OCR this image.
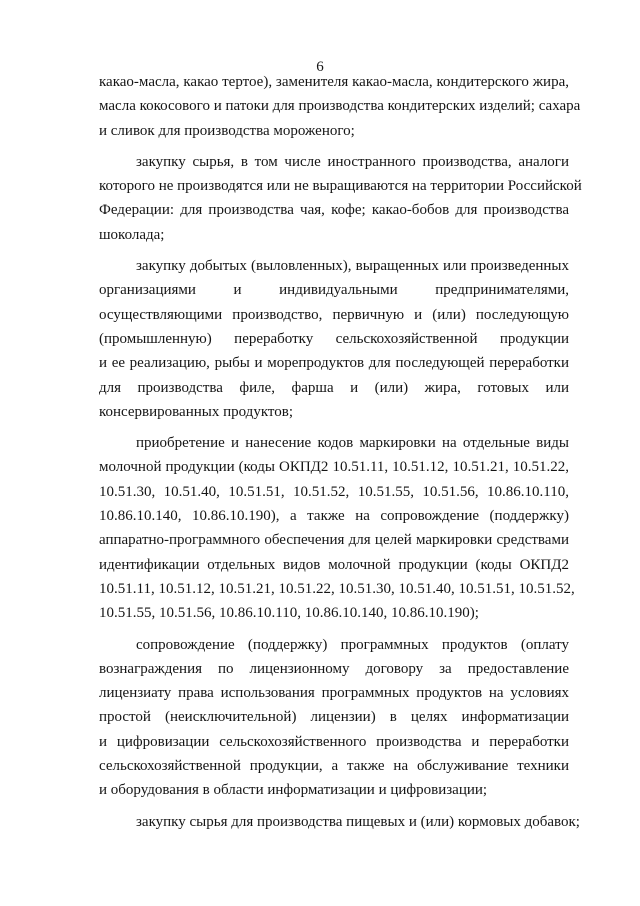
6
какао-масла, какао тертое), заменителя какао-масла, кондитерского жира,
масла кокосового и патоки для производства кондитерских изделий; сахара
и сливок для производства мороженого;
закупку сырья, в том числе иностранного производства, аналоги
которого не производятся или не выращиваются на территории Российской
Федерации: для производства чая, кофе; какао-бобов для производства
шоколада;
закупку добытых (выловленных), выращенных или произведенных
организациями и индивидуальными предпринимателями,
осуществляющими производство, первичную и (или) последующую
(промышленную) переработку сельскохозяйственной продукции
и ее реализацию, рыбы и морепродуктов для последующей переработки
для производства филе, фарша и (или) жира, готовых или
консервированных продуктов;
приобретение и нанесение кодов маркировки на отдельные виды
молочной продукции (коды ОКПД2 10.51.11, 10.51.12, 10.51.21, 10.51.22,
10.51.30, 10.51.40, 10.51.51, 10.51.52, 10.51.55, 10.51.56, 10.86.10.110,
10.86.10.140, 10.86.10.190), а также на сопровождение (поддержку)
аппаратно-программного обеспечения для целей маркировки средствами
идентификации отдельных видов молочной продукции (коды ОКПД2
10.51.11, 10.51.12, 10.51.21, 10.51.22, 10.51.30, 10.51.40, 10.51.51, 10.51.52,
10.51.55, 10.51.56, 10.86.10.110, 10.86.10.140, 10.86.10.190);
сопровождение (поддержку) программных продуктов (оплату
вознаграждения по лицензионному договору за предоставление
лицензиату права использования программных продуктов на условиях
простой (неисключительной) лицензии) в целях информатизации
и цифровизации сельскохозяйственного производства и переработки
сельскохозяйственной продукции, а также на обслуживание техники
и оборудования в области информатизации и цифровизации;
закупку сырья для производства пищевых и (или) кормовых добавок;
